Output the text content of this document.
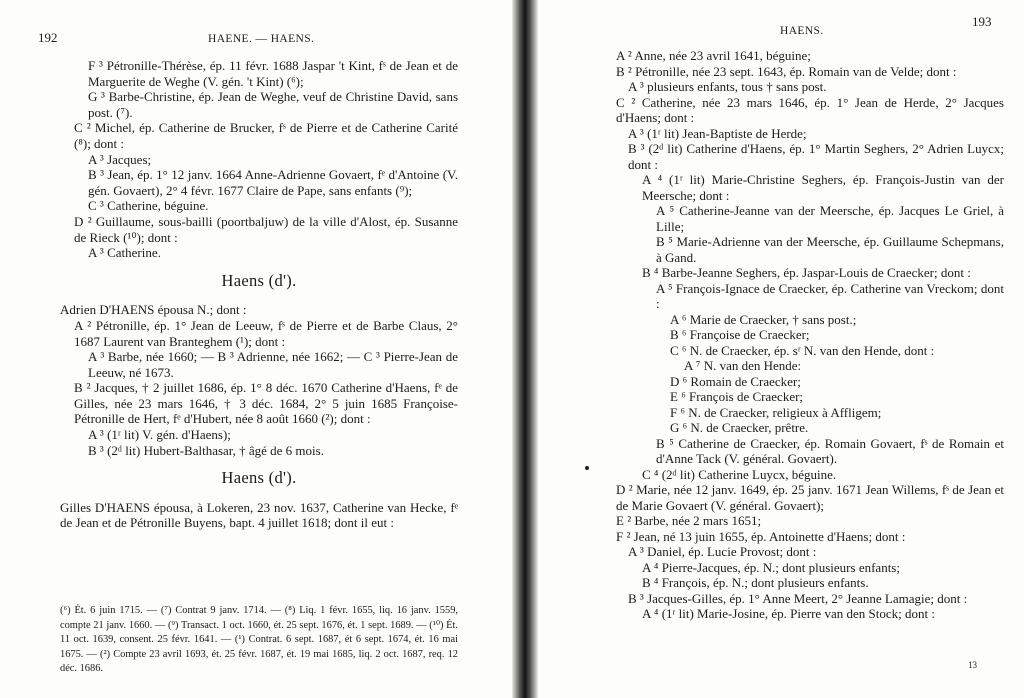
192	HAENE. — HAENS.

F ³ Pétronille-Thérèse, ép. 11 févr. 1688 Jaspar 't Kint, fˢ de Jean et de Marguerite de Weghe (V. gén. 't Kint) (⁶);

G ³ Barbe-Christine, ép. Jean de Weghe, veuf de Christine David, sans post. (⁷).

C ² Michel, ép. Catherine de Brucker, fˢ de Pierre et de Catherine Carité (⁸); dont :

A ³ Jacques;

B ³ Jean, ép. 1° 12 janv. 1664 Anne-Adrienne Govaert, fᵉ d'Antoine (V. gén. Govaert), 2° 4 févr. 1677 Claire de Pape, sans enfants (⁹);

C ³ Catherine, béguine.

D ² Guillaume, sous-bailli (poortbaljuw) de la ville d'Alost, ép. Susanne de Rieck (¹⁰); dont :

A ³ Catherine.

Haens (d').

Adrien D'HAENS épousa N.; dont :

A ² Pétronille, ép. 1° Jean de Leeuw, fˢ de Pierre et de Barbe Claus, 2° 1687 Laurent van Branteghem (¹); dont :

A ³ Barbe, née 1660; — B ³ Adrienne, née 1662; — C ³ Pierre-Jean de Leeuw, né 1673.

B ² Jacques, † 2 juillet 1686, ép. 1° 8 déc. 1670 Catherine d'Haens, fᵉ de Gilles, née 23 mars 1646, † 3 déc. 1684, 2° 5 juin 1685 Françoise-Pétronille de Hert, fᵉ d'Hubert, née 8 août 1660 (²); dont :

A ³ (1ʳ lit) V. gén. d'Haens);

B ³ (2ᵈ lit) Hubert-Balthasar, † âgé de 6 mois.

Haens (d').

Gilles D'HAENS épousa, à Lokeren, 23 nov. 1637, Catherine van Hecke, fᵉ de Jean et de Pétronille Buyens, bapt. 4 juillet 1618; dont il eut :

(⁶) Ét. 6 juin 1715. — (⁷) Contrat 9 janv. 1714. — (⁸) Liq. 1 févr. 1655, liq. 16 janv. 1559, compte 21 janv. 1660. — (⁹) Transact. 1 oct. 1660, ét. 25 sept. 1676, ét. 1 sept. 1689. — (¹⁰) Ét. 11 oct. 1639, consent. 25 févr. 1641. — (¹) Contrat. 6 sept. 1687, ét 6 sept. 1674, ét. 16 mai 1675. — (²) Compte 23 avril 1693, ét. 25 févr. 1687, ét. 19 mai 1685, liq. 2 oct. 1687, req. 12 déc. 1686.

HAENS.
193

A ² Anne, née 23 avril 1641, béguine;

B ² Pétronille, née 23 sept. 1643, ép. Romain van de Velde; dont :

A ³ plusieurs enfants, tous † sans post.

C ² Catherine, née 23 mars 1646, ép. 1° Jean de Herde, 2° Jacques d'Haens; dont :

A ³ (1ʳ lit) Jean-Baptiste de Herde;

B ³ (2ᵈ lit) Catherine d'Haens, ép. 1° Martin Seghers, 2° Adrien Luycx; dont :

A ⁴ (1ʳ lit) Marie-Christine Seghers, ép. François-Justin van der Meersche; dont :

A ⁵ Catherine-Jeanne van der Meersche, ép. Jacques Le Griel, à Lille;

B ⁵ Marie-Adrienne van der Meersche, ép. Guillaume Schepmans, à Gand.

B ⁴ Barbe-Jeanne Seghers, ép. Jaspar-Louis de Craecker; dont :

A ⁵ François-Ignace de Craecker, ép. Catherine van Vreckom; dont :

A ⁶ Marie de Craecker, † sans post.;

B ⁶ Françoise de Craecker;

C ⁶ N. de Craecker, ép. sʳ N. van den Hende, dont :

A ⁷ N. van den Hende:

D ⁶ Romain de Craecker;

E ⁶ François de Craecker;

F ⁶ N. de Craecker, religieux à Affligem;

G ⁶ N. de Craecker, prêtre.

B ⁵ Catherine de Craecker, ép. Romain Govaert, fˢ de Romain et d'Anne Tack (V. général. Govaert).

C ⁴ (2ᵈ lit) Catherine Luycx, béguine.

D ² Marie, née 12 janv. 1649, ép. 25 janv. 1671 Jean Willems, fˢ de Jean et de Marie Govaert (V. général. Govaert);

E ² Barbe, née 2 mars 1651;

F ² Jean, né 13 juin 1655, ép. Antoinette d'Haens; dont :

A ³ Daniel, ép. Lucie Provost; dont :

A ⁴ Pierre-Jacques, ép. N.; dont plusieurs enfants;

B ⁴ François, ép. N.; dont plusieurs enfants.

B ³ Jacques-Gilles, ép. 1° Anne Meert, 2° Jeanne Lamagie; dont :

A ⁴ (1ʳ lit) Marie-Josine, ép. Pierre van den Stock; dont :

13
